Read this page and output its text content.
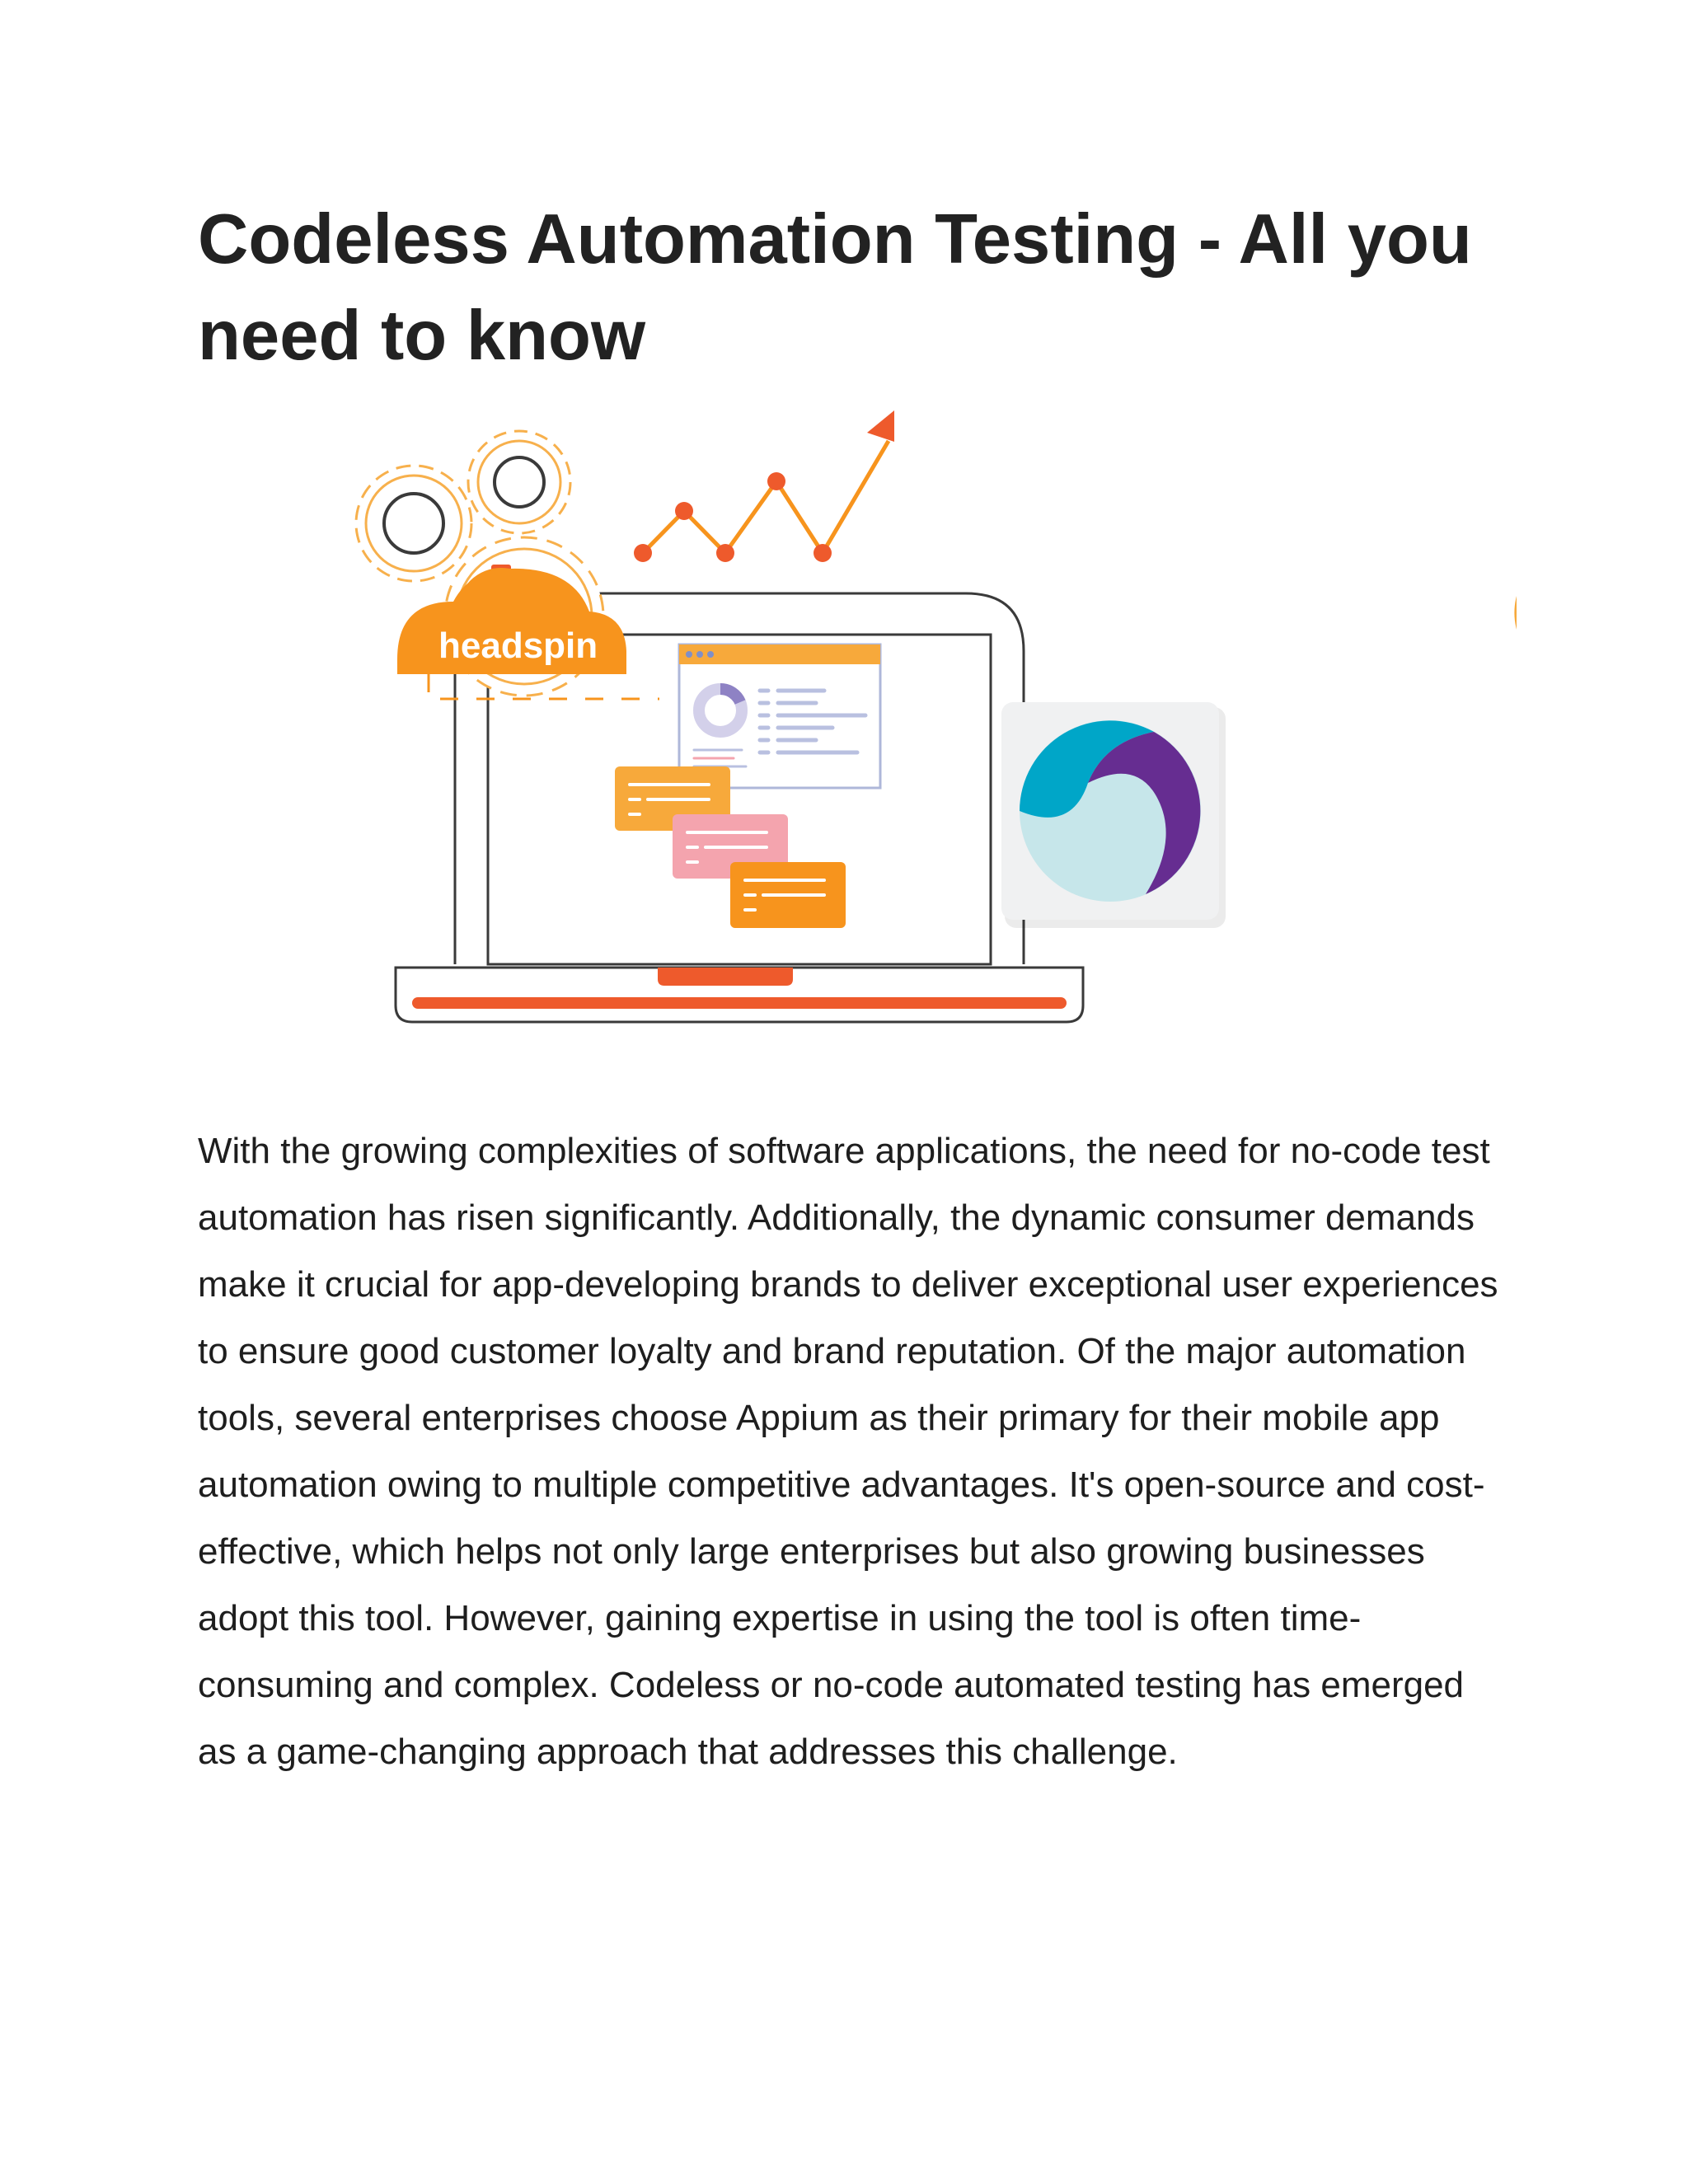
Codeless Automation Testing - All you need to know
headspin

With the growing complexities of software applications, the need for no-code test automation has risen significantly. Additionally, the dynamic consumer demands make it crucial for app-developing brands to deliver exceptional user experiences to ensure good customer loyalty and brand reputation. Of the major automation tools, several enterprises choose Appium as their primary for their mobile app automation owing to multiple competitive advantages. It's open-source and cost-effective, which helps not only large enterprises but also growing businesses adopt this tool. However, gaining expertise in using the tool is often time-consuming and complex. Codeless or no-code automated testing has emerged as a game-changing approach that addresses this challenge.
